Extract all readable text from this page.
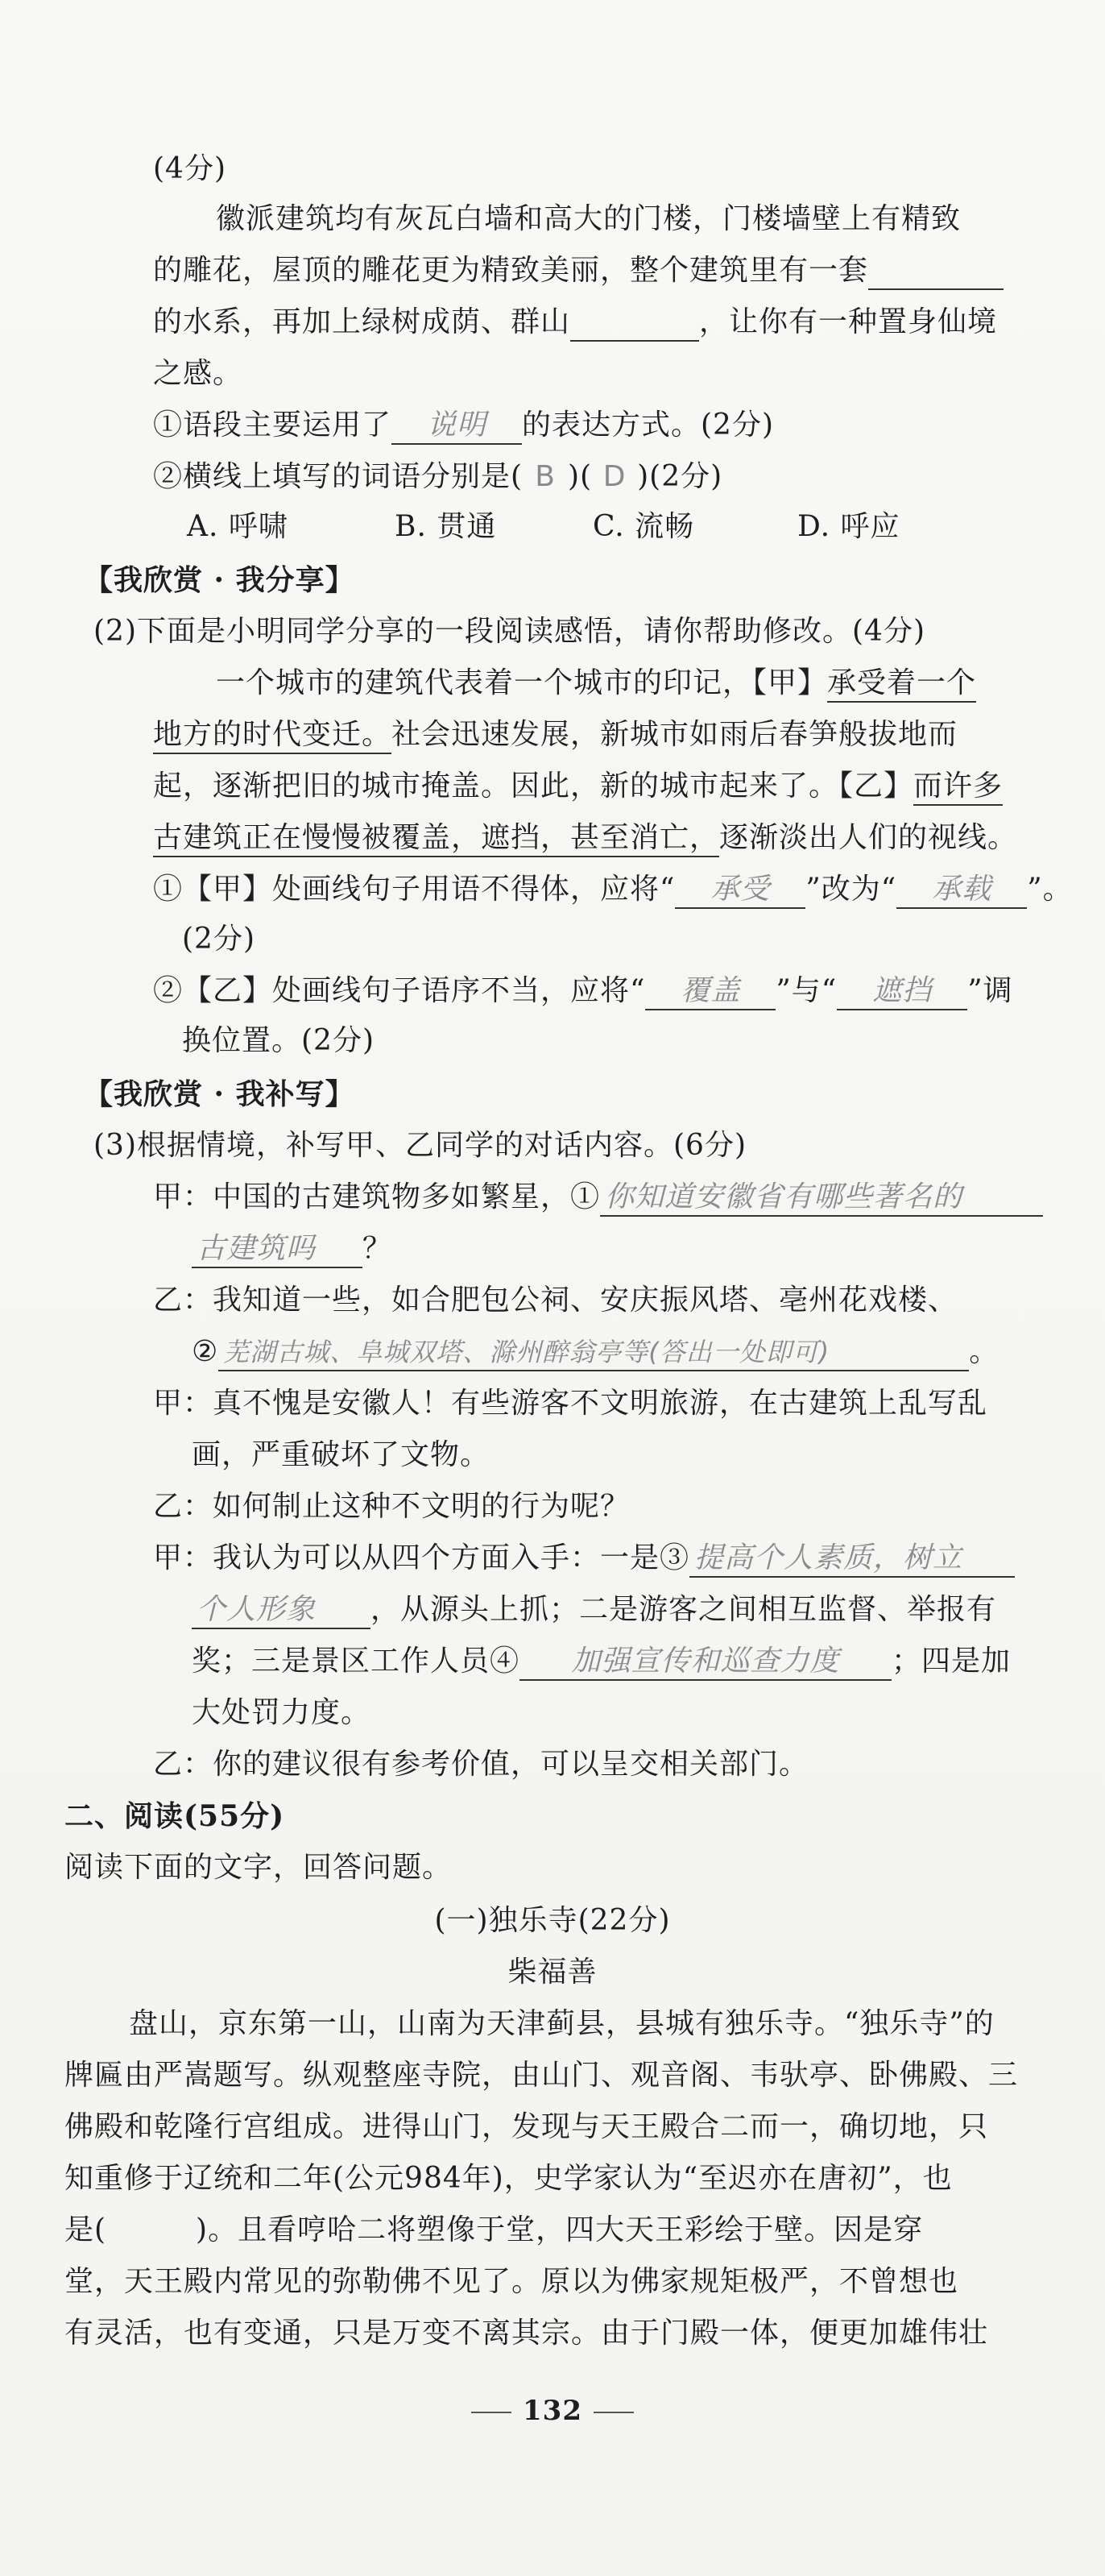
(4分)
徽派建筑均有灰瓦白墙和高大的门楼，门楼墙壁上有精致
的雕花，屋顶的雕花更为精致美丽，整个建筑里有一套
的水系，再加上绿树成荫、群山	，让你有一种置身仙境
之感。
①语段主要运用了 说明 的表达方式。(2分)
②横线上填写的词语分别是( B )( D )(2分)
A. 呼啸	B. 贯通	C. 流畅	D. 呼应
【我欣赏 · 我分享】
(2)下面是小明同学分享的一段阅读感悟，请你帮助修改。(4分)
一个城市的建筑代表着一个城市的印记，【甲】承受着一个
地方的时代变迁。社会迅速发展，新城市如雨后春笋般拔地而
起，逐渐把旧的城市掩盖。因此，新的城市起来了。【乙】而许多
古建筑正在慢慢被覆盖，遮挡，甚至消亡，逐渐淡出人们的视线。
①【甲】处画线句子用语不得体，应将“ 承受 ”改为“ 承载 ”。
(2分)
②【乙】处画线句子语序不当，应将“ 覆盖 ”与“ 遮挡 ”调
换位置。(2分)
【我欣赏 · 我补写】
(3)根据情境，补写甲、乙同学的对话内容。(6分)
甲：中国的古建筑物多如繁星，① 你知道安徽省有哪些著名的
古建筑吗 ？
乙：我知道一些，如合肥包公祠、安庆振风塔、亳州花戏楼、
② 芜湖古城、阜城双塔、滁州醉翁亭等(答出一处即可)	。
甲：真不愧是安徽人！有些游客不文明旅游，在古建筑上乱写乱
画，严重破坏了文物。
乙：如何制止这种不文明的行为呢？
甲：我认为可以从四个方面入手：一是③ 提高个人素质，树立
个人形象 ，从源头上抓；二是游客之间相互监督、举报有
奖；三是景区工作人员④ 加强宣传和巡查力度 ；四是加
大处罚力度。
乙：你的建议很有参考价值，可以呈交相关部门。
二、阅读(55分)
阅读下面的文字，回答问题。
(一)独乐寺(22分)
柴福善
盘山，京东第一山，山南为天津蓟县，县城有独乐寺。“独乐寺”的
牌匾由严嵩题写。纵观整座寺院，由山门、观音阁、韦驮亭、卧佛殿、三
佛殿和乾隆行宫组成。进得山门，发现与天王殿合二而一，确切地，只
知重修于辽统和二年(公元984年)，史学家认为“至迟亦在唐初”，也
是(　　　)。且看哼哈二将塑像于堂，四大天王彩绘于壁。因是穿
堂，天王殿内常见的弥勒佛不见了。原以为佛家规矩极严，不曾想也
有灵活，也有变通，只是万变不离其宗。由于门殿一体，便更加雄伟壮
132
